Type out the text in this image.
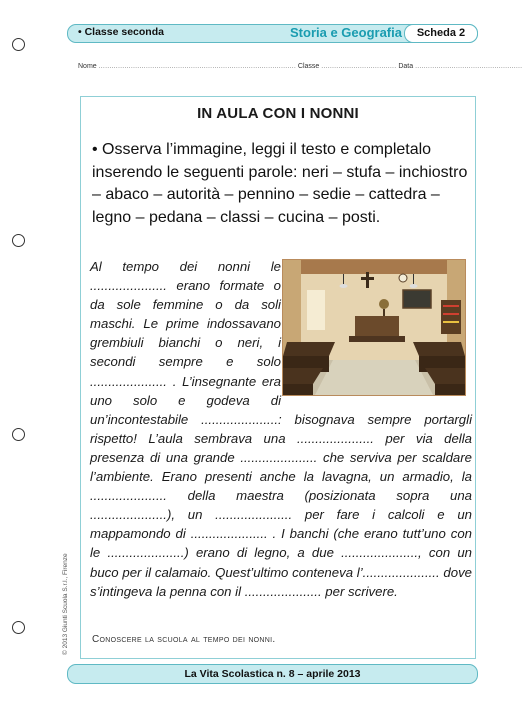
• Classe seconda	Storia e Geografia	Scheda 2
Nome ............................................................................................ Classe ................................... Data ..................................................
IN AULA CON I NONNI
• Osserva l’immagine, leggi il testo e completalo inserendo le seguenti parole: neri – stufa – inchiostro – abaco – autorità – pennino – sedie – cattedra – legno – pedana – classi – cucina – posti.
Al tempo dei nonni le ..................... erano formate o da sole femmine o da soli maschi. Le prime indossavano grembiuli bianchi o neri, i secondi sempre e solo ..................... . L’insegnante era uno solo e godeva di un’incontestabile .....................: bisognava sempre portargli rispetto! L’aula sembrava una ..................... per via della presenza di una grande ..................... che serviva per scaldare l’ambiente. Erano presenti anche la lavagna, un armadio, la ..................... della maestra (posizionata sopra una .....................), un ..................... per fare i calcoli e un mappamondo di ..................... . I banchi (che erano tutt’uno con le .....................) erano di legno, a due ....................., con un buco per il calamaio. Quest’ultimo conteneva l’..................... dove s’intingeva la penna con il ..................... per scrivere.
Conoscere la scuola al tempo dei nonni.
© 2013 Giunti Scuola S.r.l., Firenze
La Vita Scolastica n. 8 – aprile 2013
